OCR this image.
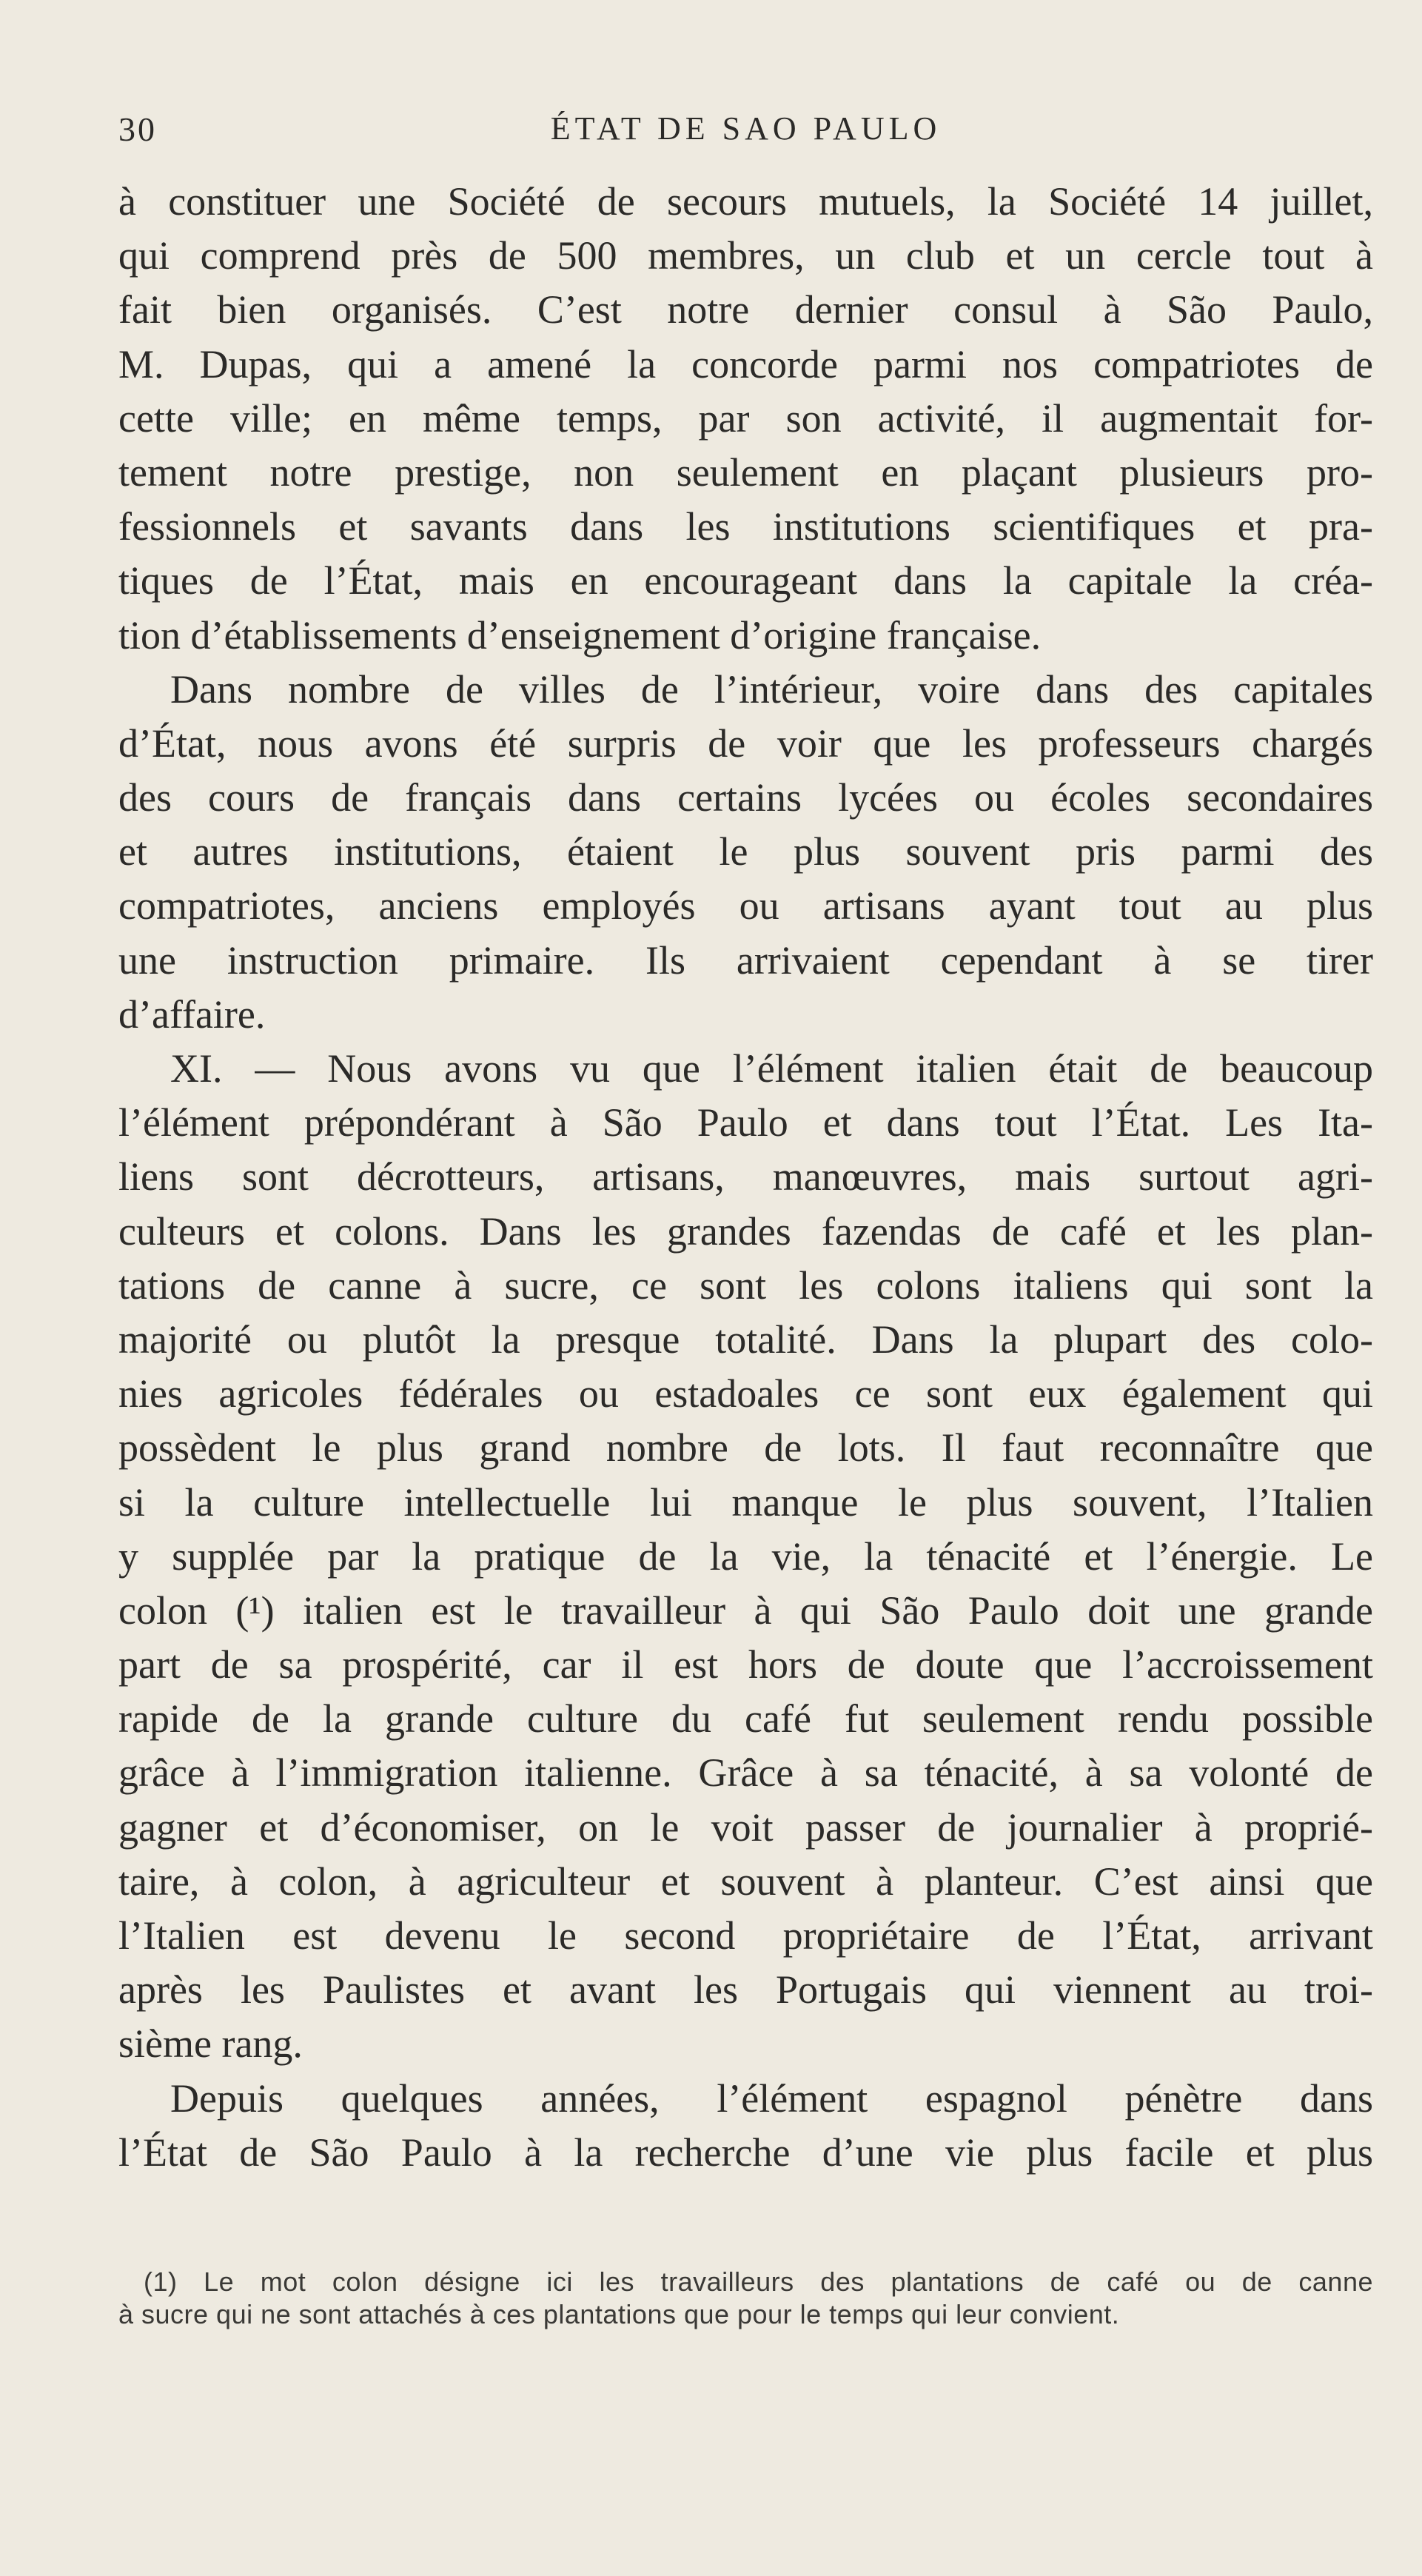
30	ÉTAT DE SAO PAULO
à constituer une Société de secours mutuels, la Société 14 juillet,
qui comprend près de 500 membres, un club et un cercle tout à
fait bien organisés. C’est notre dernier consul à São Paulo,
M. Dupas, qui a amené la concorde parmi nos compatriotes de
cette ville; en même temps, par son activité, il augmentait for-
tement notre prestige, non seulement en plaçant plusieurs pro-
fessionnels et savants dans les institutions scientifiques et pra-
tiques de l’État, mais en encourageant dans la capitale la créa-
tion d’établissements d’enseignement d’origine française.
Dans nombre de villes de l’intérieur, voire dans des capitales
d’État, nous avons été surpris de voir que les professeurs chargés
des cours de français dans certains lycées ou écoles secondaires
et autres institutions, étaient le plus souvent pris parmi des
compatriotes, anciens employés ou artisans ayant tout au plus
une instruction primaire. Ils arrivaient cependant à se tirer
d’affaire.
XI. — Nous avons vu que l’élément italien était de beaucoup
l’élément prépondérant à São Paulo et dans tout l’État. Les Ita-
liens sont décrotteurs, artisans, manœuvres, mais surtout agri-
culteurs et colons. Dans les grandes fazendas de café et les plan-
tations de canne à sucre, ce sont les colons italiens qui sont la
majorité ou plutôt la presque totalité. Dans la plupart des colo-
nies agricoles fédérales ou estadoales ce sont eux également qui
possèdent le plus grand nombre de lots. Il faut reconnaître que
si la culture intellectuelle lui manque le plus souvent, l’Italien
y supplée par la pratique de la vie, la ténacité et l’énergie. Le
colon (¹) italien est le travailleur à qui São Paulo doit une grande
part de sa prospérité, car il est hors de doute que l’accroissement
rapide de la grande culture du café fut seulement rendu possible
grâce à l’immigration italienne. Grâce à sa ténacité, à sa volonté de
gagner et d’économiser, on le voit passer de journalier à proprié-
taire, à colon, à agriculteur et souvent à planteur. C’est ainsi que
l’Italien est devenu le second propriétaire de l’État, arrivant
après les Paulistes et avant les Portugais qui viennent au troi-
sième rang.
Depuis quelques années, l’élément espagnol pénètre dans
l’État de São Paulo à la recherche d’une vie plus facile et plus
(1) Le mot colon désigne ici les travailleurs des plantations de café ou de canne
à sucre qui ne sont attachés à ces plantations que pour le temps qui leur convient.
